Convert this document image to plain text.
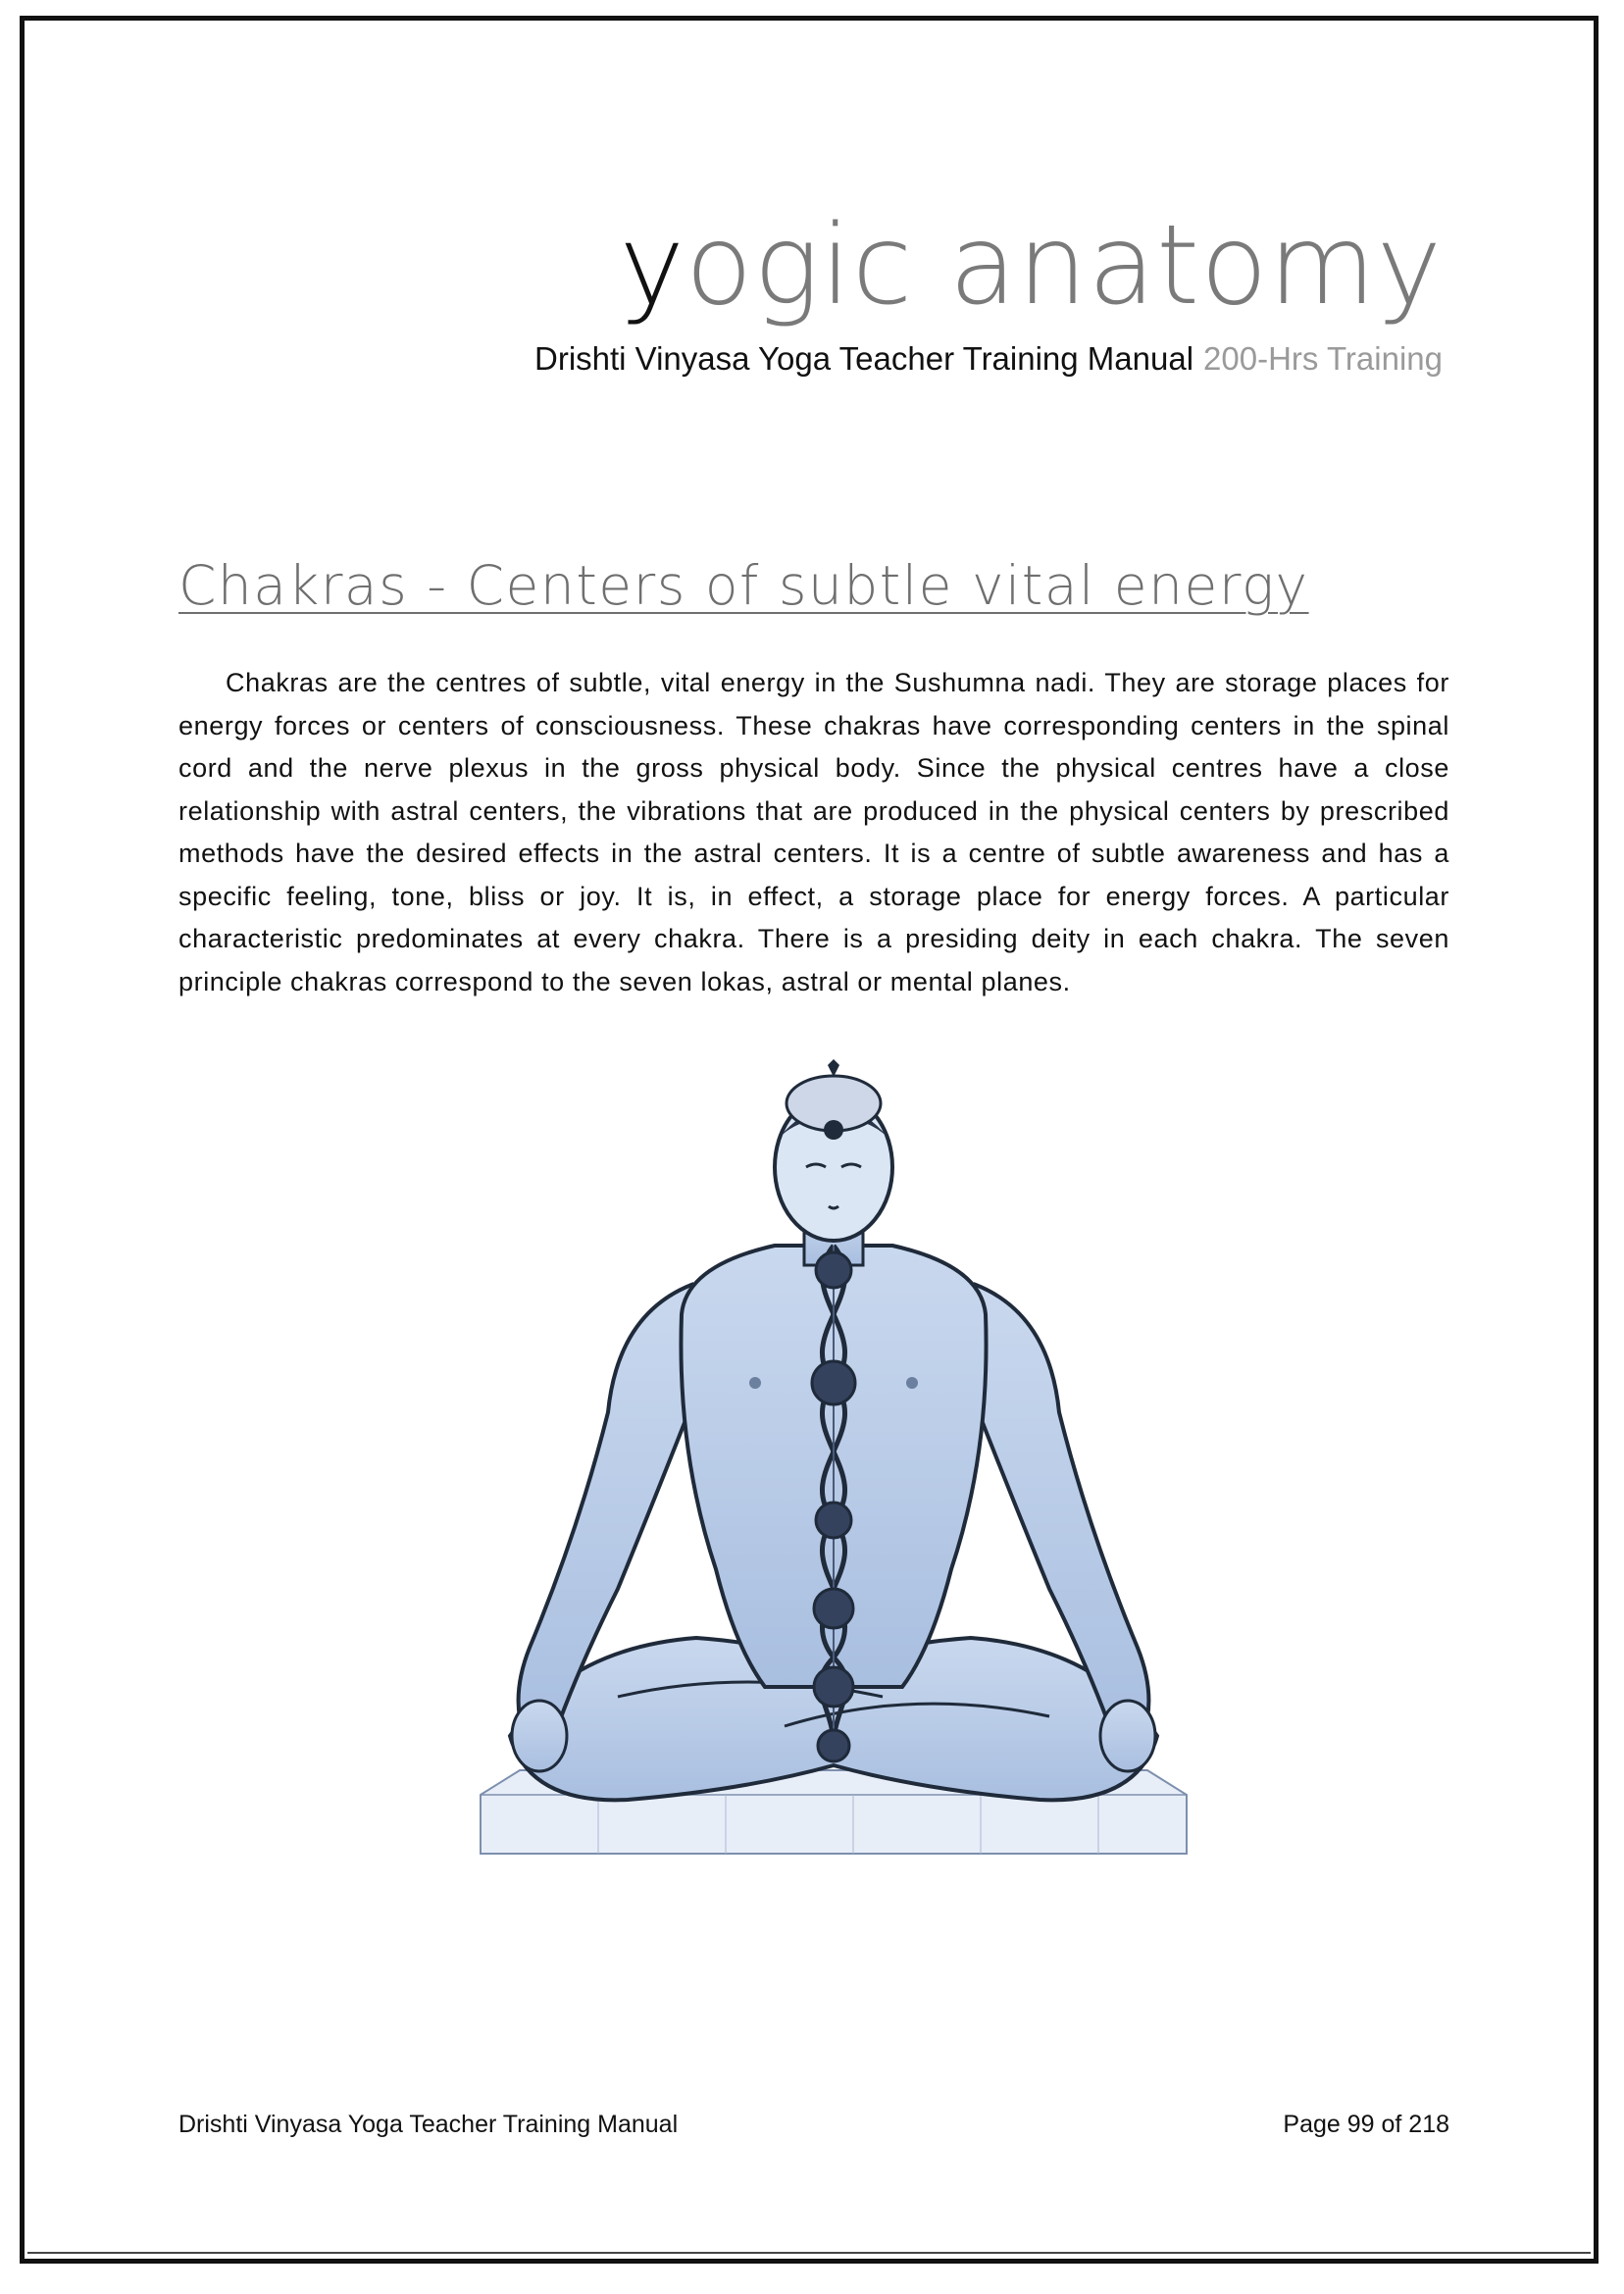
yogic anatomy
Drishti Vinyasa Yoga Teacher Training Manual 200-Hrs Training
Chakras - Centers of subtle vital energy

Chakras are the centres of subtle, vital energy in the Sushumna nadi. They are storage places for energy forces or centers of consciousness. These chakras have corresponding centers in the spinal cord and the nerve plexus in the gross physical body. Since the physical centres have a close relationship with astral centers, the vibrations that are produced in the physical centers by prescribed methods have the desired effects in the astral centers. It is a centre of subtle awareness and has a specific feeling, tone, bliss or joy. It is, in effect, a storage place for energy forces. A particular characteristic predominates at every chakra. There is a presiding deity in each chakra. The seven principle chakras correspond to the seven lokas, astral or mental planes.

Drishti Vinyasa Yoga Teacher Training Manual	Page 99 of 218
